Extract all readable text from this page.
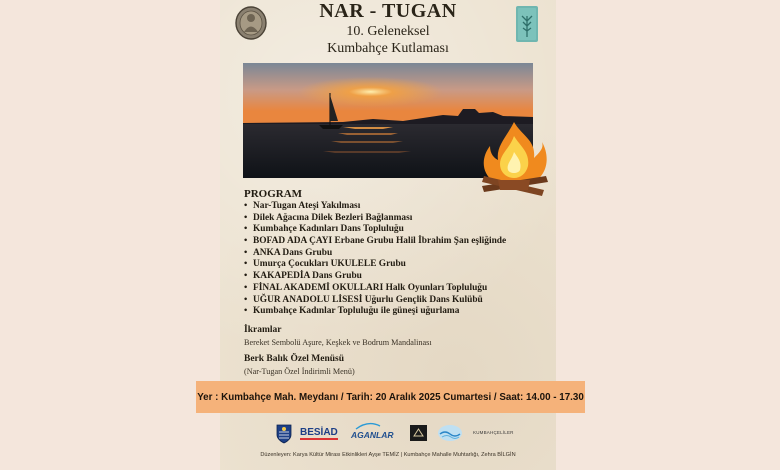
NAR - TUGAN
10. Geleneksel
Kumbahçe Kutlaması
PROGRAM
• Nar-Tugan Ateşi Yakılması
• Dilek Ağacına Dilek Bezleri Bağlanması
• Kumbahçe Kadınları Dans Topluluğu
• BOFAD ADA ÇAYI Erbane Grubu Halil İbrahim Şan eşliğinde
• ANKA Dans Grubu
• Umurça Çocukları UKULELE Grubu
• KAKAPEDİA Dans Grubu
• FİNAL AKADEMİ OKULLARI Halk Oyunları Topluluğu
• UĞUR ANADOLU LİSESİ Uğurlu Gençlik Dans Kulübü
• Kumbahçe Kadınlar Topluluğu ile güneşi uğurlama
İkramlar
Bereket Sembolü Aşure, Keşkek ve Bodrum Mandalinası
Berk Balık Özel Menüsü
(Nar-Tugan Özel İndirimli Menü)
BESİAD AGANLAR	KUMBAHÇELİLER
Düzenleyen: Karya Kültür Mirası Etkinlikleri Ayşe TEMİZ | Kumbahçe Mahalle Muhtarlığı, Zehra BİLGİN
Yer : Kumbahçe Mah. Meydanı / Tarih: 20 Aralık 2025 Cumartesi / Saat: 14.00 - 17.30
